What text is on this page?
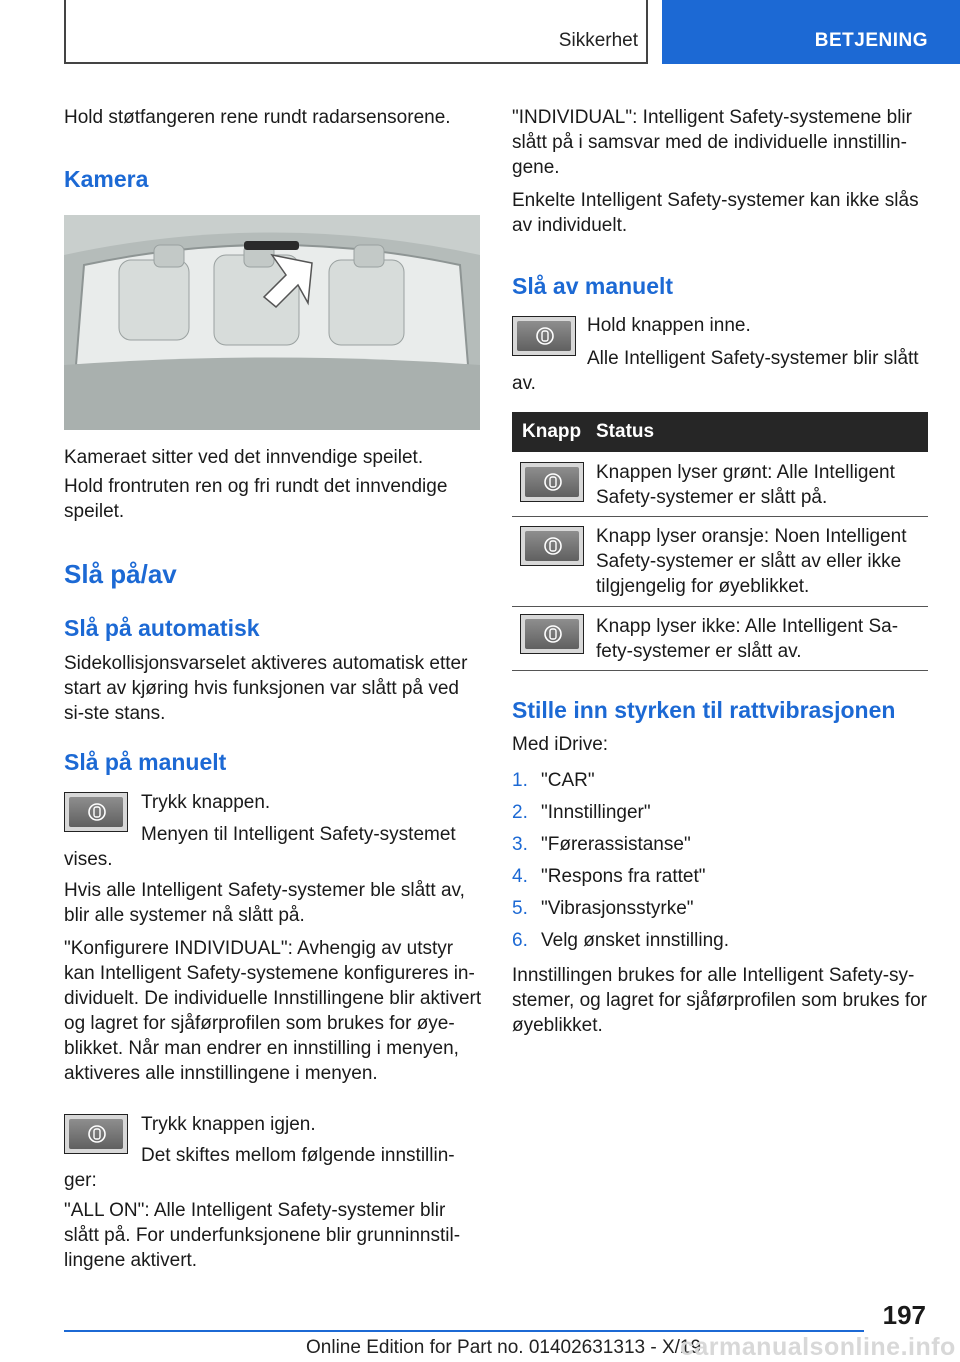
Sikkerhet	BETJENING

Hold støtfangeren rene rundt radarsensorene.

Kamera

Kameraet sitter ved det innvendige speilet.

Hold frontruten ren og fri rundt det innvendige speilet.

Slå på/av
Slå på automatisk

Sidekollisjonsvarselet aktiveres automatisk etter start av kjøring hvis funksjonen var slått på ved si-ste stans.

Slå på manuelt

Trykk knappen.

Menyen til Intelligent Safety-systemet vises.

Hvis alle Intelligent Safety-systemer ble slått av, blir alle systemer nå slått på.

"Konfigurere INDIVIDUAL": Avhengig av utstyr kan Intelligent Safety-systemene konfigureres in-dividuelt. De individuelle Innstillingene blir aktivert og lagret for sjåførprofilen som brukes for øye-blikket. Når man endrer en innstilling i menyen, aktiveres alle innstillingene i menyen.

Trykk knappen igjen.

Det skiftes mellom følgende innstillin-ger:

"ALL ON": Alle Intelligent Safety-systemer blir slått på. For underfunksjonene blir grunninnstil-lingene aktivert.

"INDIVIDUAL": Intelligent Safety-systemene blir slått på i samsvar med de individuelle innstillin-gene.

Enkelte Intelligent Safety-systemer kan ikke slås av individuelt.

Slå av manuelt

Hold knappen inne.

Alle Intelligent Safety-systemer blir slått av.

Knapp Status
Knappen lyser grønt: Alle Intelligent Safety-systemer er slått på.
Knapp lyser oransje: Noen Intelligent Safety-systemer er slått av eller ikke tilgjengelig for øyeblikket.
Knapp lyser ikke: Alle Intelligent Sa-fety-systemer er slått av.
Stille inn styrken til rattvibrasjonen

Med iDrive:

1. "CAR"
2. "Innstillinger"
3. "Førerassistanse"
4. "Respons fra rattet"
5. "Vibrasjonsstyrke"
6. Velg ønsket innstilling.

Innstillingen brukes for alle Intelligent Safety-sy-stemer, og lagret for sjåførprofilen som brukes for øyeblikket.

197
Online Edition for Part no. 01402631313 - X/19
carmanualsonline.info
